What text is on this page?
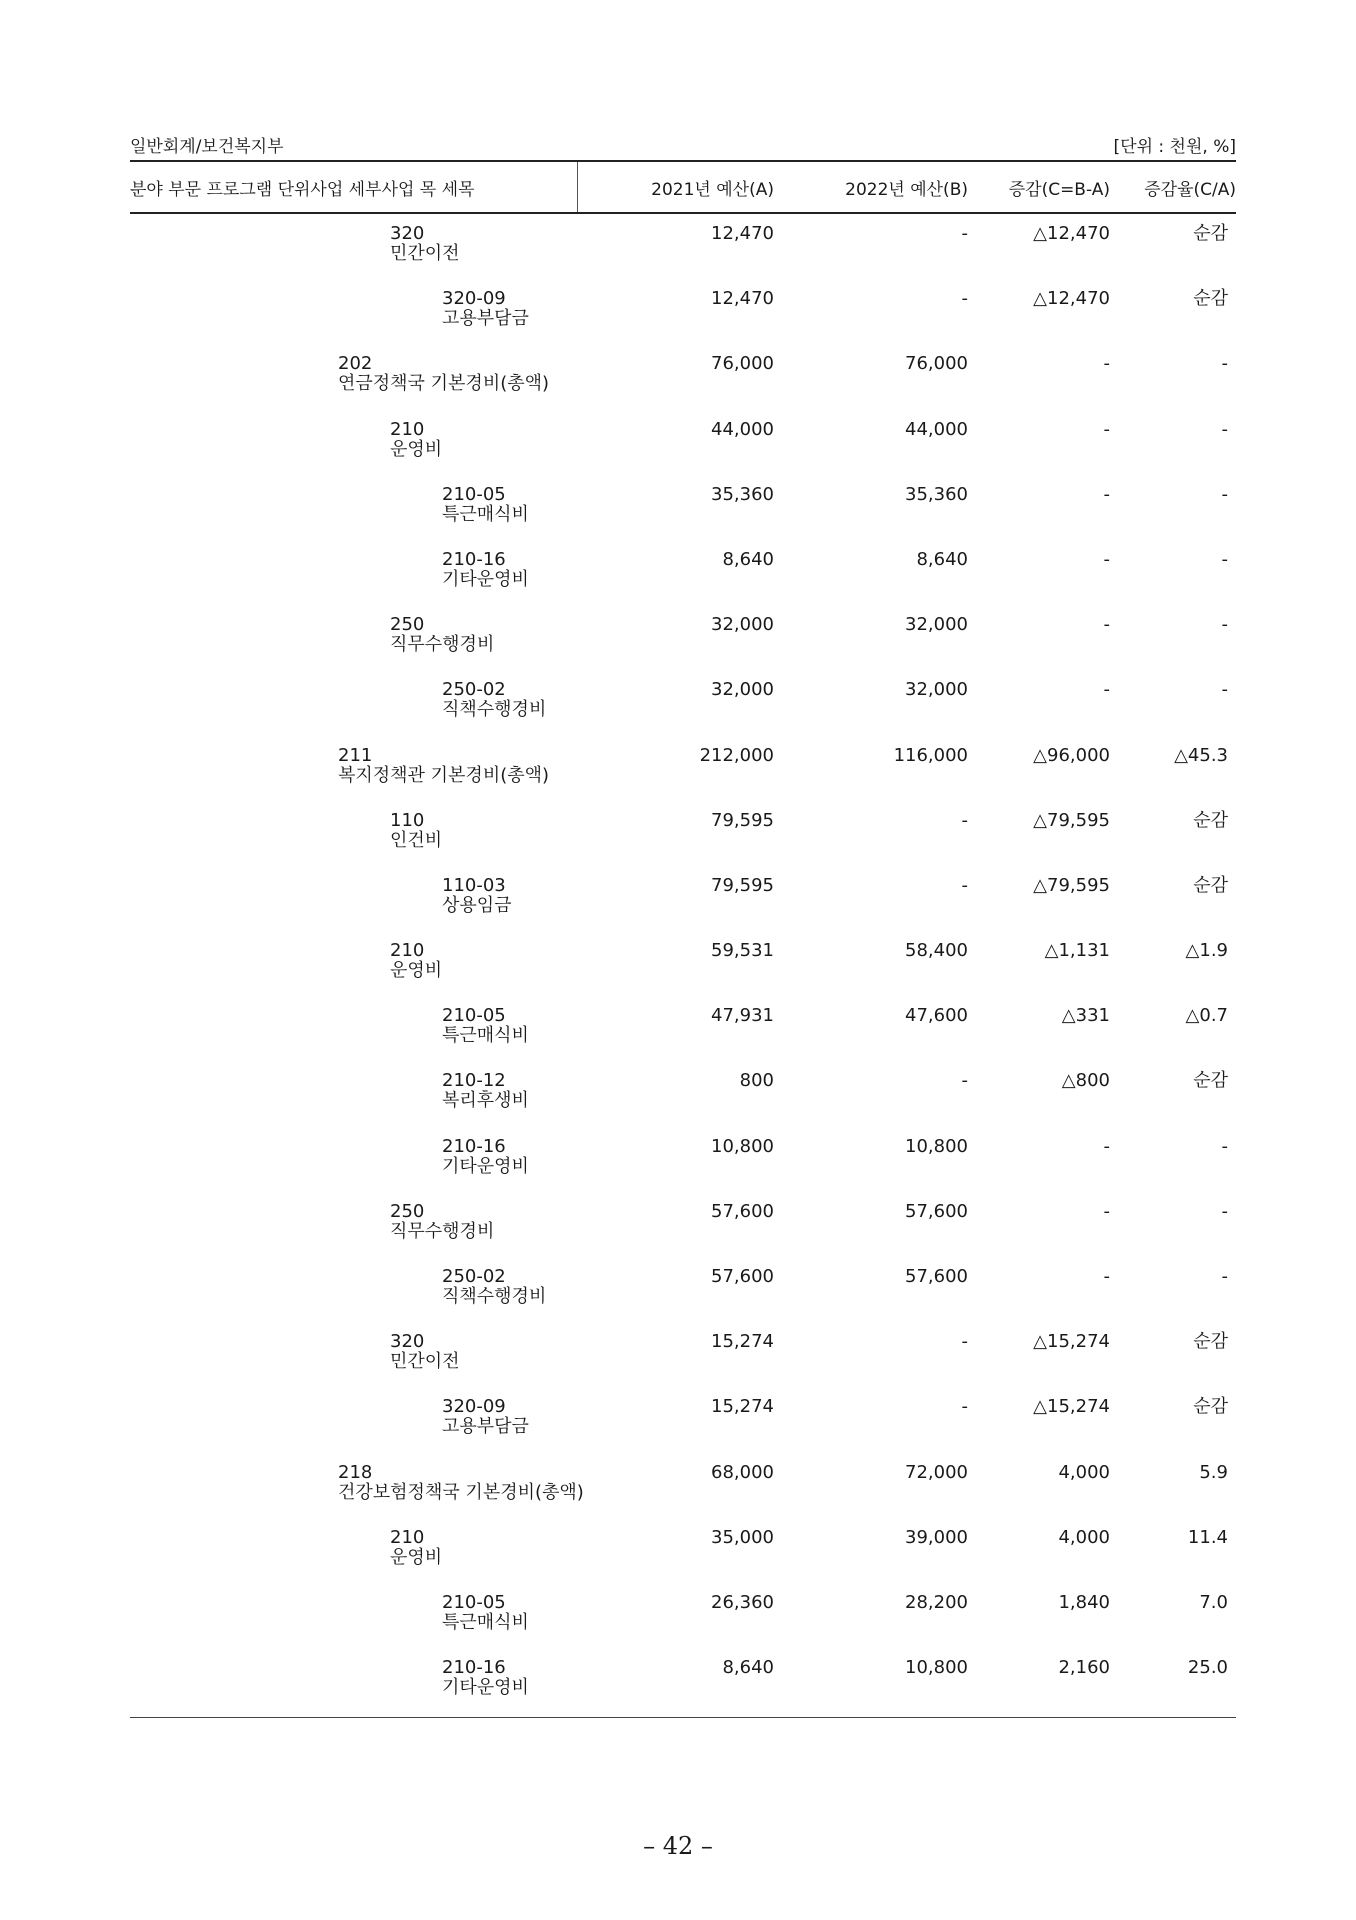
일반회계/보건복지부	[단위 : 천원, %]
분야 부문 프로그램 단위사업 세부사업 목 세목	2021년 예산(A)	2022년 예산(B) 증감(C=B-A) 증감율(C/A)
320
민간이전
12,470	-	△12,470	순감
320-09
고용부담금
12,470	-	△12,470	순감
202
연금정책국 기본경비(총액)
76,000	76,000	-	-
210
운영비
44,000	44,000	-	-
210-05
특근매식비
35,360	35,360	-	-
210-16
기타운영비
8,640	8,640	-	-
250
직무수행경비
32,000	32,000	-	-
250-02
직책수행경비
32,000	32,000	-	-
211
복지정책관 기본경비(총액)
212,000	116,000	△96,000	△45.3
110
인건비
79,595	-	△79,595	순감
110-03
상용임금
79,595	-	△79,595	순감
210
운영비
59,531	58,400	△1,131	△1.9
210-05
특근매식비
47,931	47,600	△331	△0.7
210-12
복리후생비
800	-	△800	순감
210-16
기타운영비
10,800	10,800	-	-
250
직무수행경비
57,600	57,600	-	-
250-02
직책수행경비
57,600	57,600	-	-
320
민간이전
15,274	-	△15,274	순감
320-09
고용부담금
15,274	-	△15,274	순감
218
건강보험정책국 기본경비(총액)
68,000	72,000	4,000	5.9
210
운영비
35,000	39,000	4,000	11.4
210-05
특근매식비
26,360	28,200	1,840	7.0
210-16
기타운영비
8,640	10,800	2,160	25.0
– 42 –
